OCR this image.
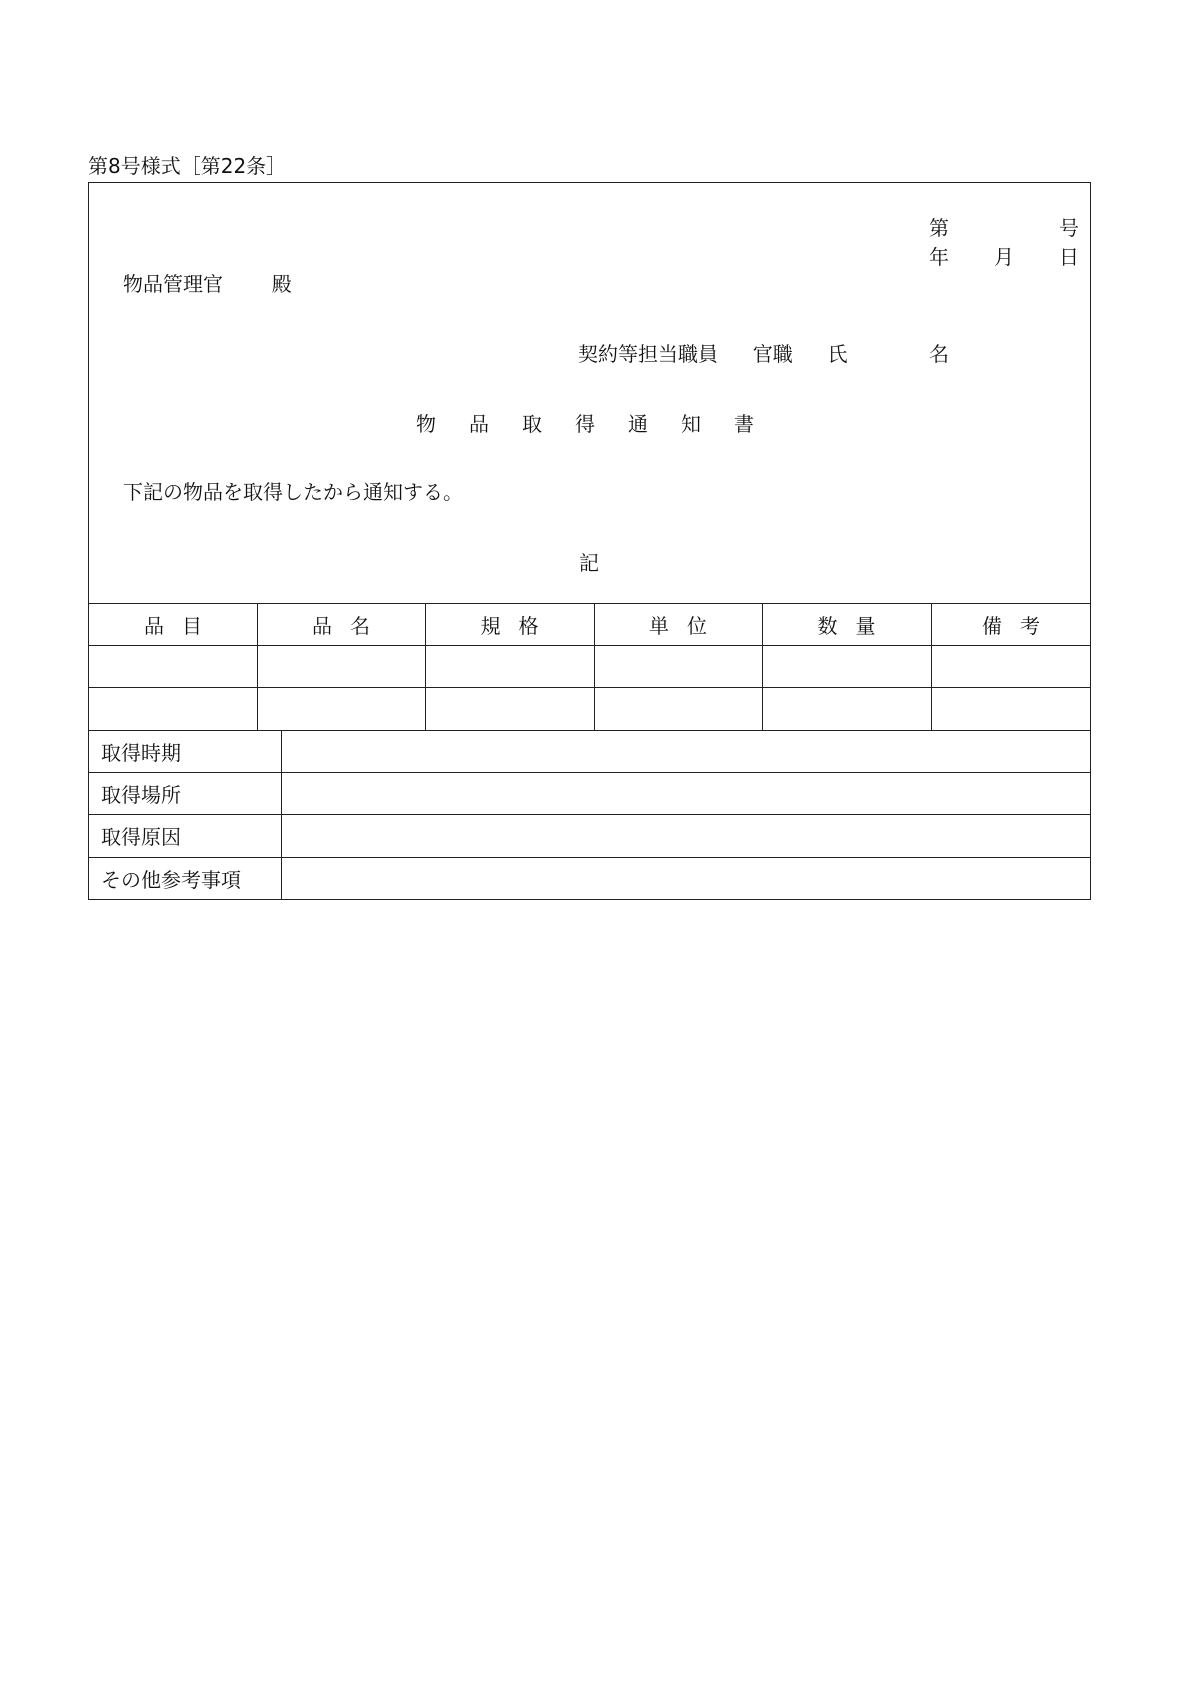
第8号様式［第22条］
第	号
年 月 日
物品管理官 殿
契約等担当職員 官職 氏	名
物品取得通知書
下記の物品を取得したから通知する。
記
品目	品名	規格	単位	数量	備考
取得時期
取得場所
取得原因
その他参考事項
